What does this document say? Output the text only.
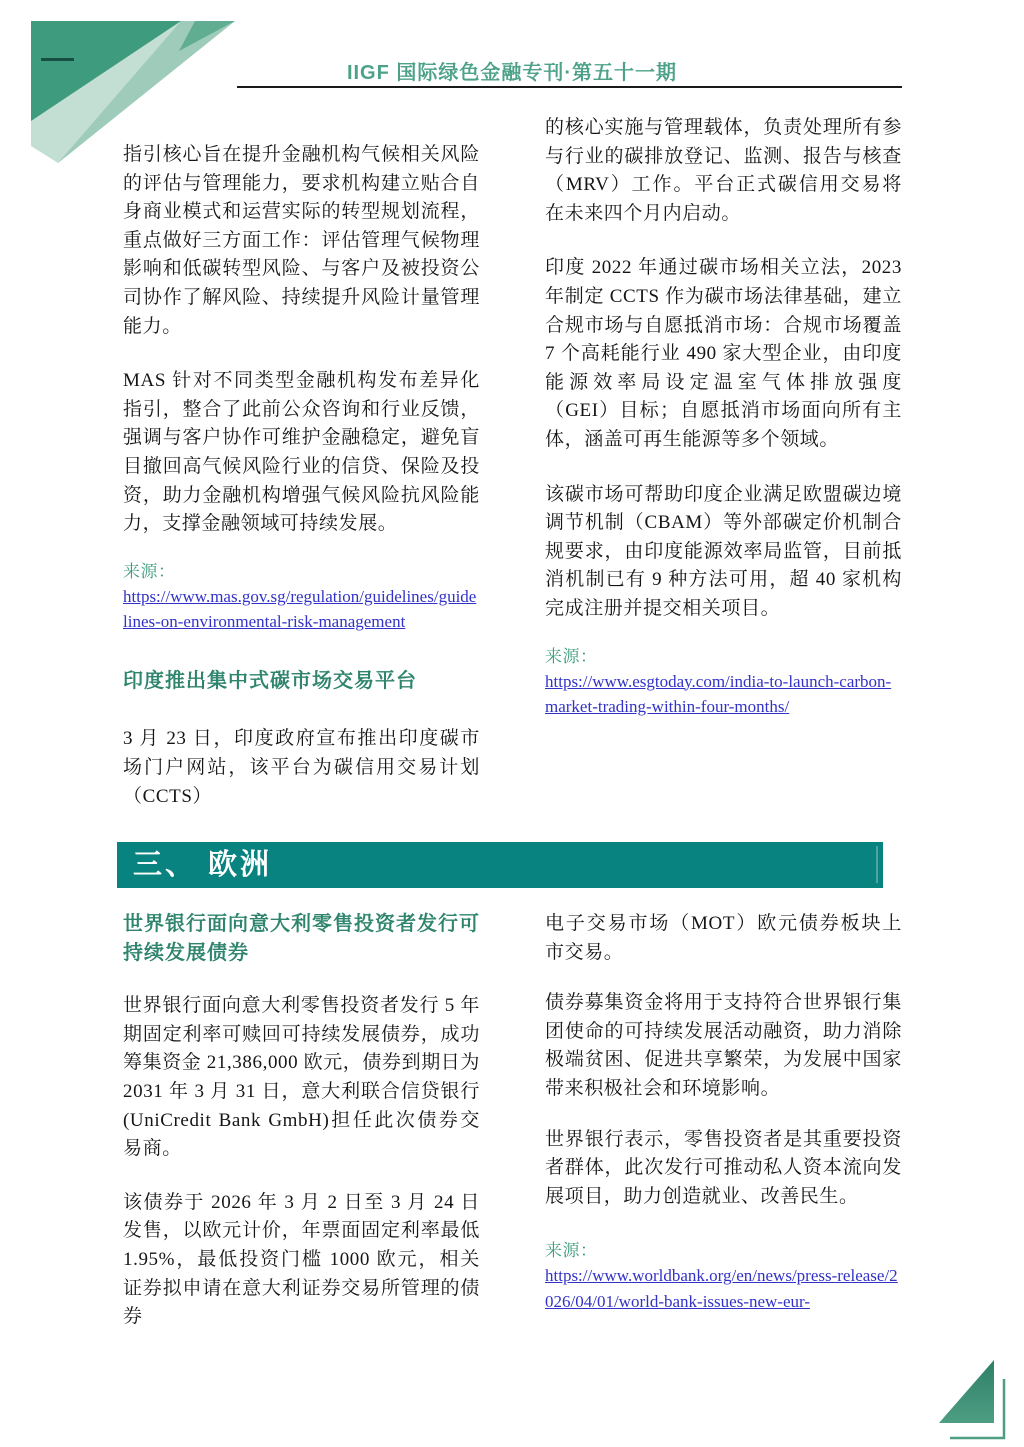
IIGF 国际绿色金融专刊·第五十一期

指引核心旨在提升金融机构气候相关风险的评估与管理能力，要求机构建立贴合自身商业模式和运营实际的转型规划流程，重点做好三方面工作：评估管理气候物理影响和低碳转型风险、与客户及被投资公司协作了解风险、持续提升风险计量管理能力。

MAS 针对不同类型金融机构发布差异化指引，整合了此前公众咨询和行业反馈，强调与客户协作可维护金融稳定，避免盲目撤回高气候风险行业的信贷、保险及投资，助力金融机构增强气候风险抗风险能力，支撑金融领域可持续发展。

来源：
https://www.mas.gov.sg/regulation/guidelines/guidelines-on-environmental-risk-management
印度推出集中式碳市场交易平台

3 月 23 日，印度政府宣布推出印度碳市场门户网站，该平台为碳信用交易计划（CCTS）

的核心实施与管理载体，负责处理所有参与行业的碳排放登记、监测、报告与核查（MRV）工作。平台正式碳信用交易将在未来四个月内启动。

印度 2022 年通过碳市场相关立法，2023 年制定 CCTS 作为碳市场法律基础，建立合规市场与自愿抵消市场：合规市场覆盖 7 个高耗能行业 490 家大型企业，由印度能源效率局设定温室气体排放强度（GEI）目标；自愿抵消市场面向所有主体，涵盖可再生能源等多个领域。

该碳市场可帮助印度企业满足欧盟碳边境调节机制（CBAM）等外部碳定价机制合规要求，由印度能源效率局监管，目前抵消机制已有 9 种方法可用，超 40 家机构完成注册并提交相关项目。

来源：
https://www.esgtoday.com/india-to-launch-carbon-market-trading-within-four-months/
三、 欧洲
世界银行面向意大利零售投资者发行可持续发展债券

世界银行面向意大利零售投资者发行 5 年期固定利率可赎回可持续发展债券，成功筹集资金 21,386,000 欧元，债券到期日为 2031 年 3 月 31 日，意大利联合信贷银行(UniCredit Bank GmbH)担任此次债券交易商。

该债券于 2026 年 3 月 2 日至 3 月 24 日发售，以欧元计价，年票面固定利率最低 1.95%，最低投资门槛 1000 欧元，相关证券拟申请在意大利证券交易所管理的债券

电子交易市场（MOT）欧元债券板块上市交易。

债券募集资金将用于支持符合世界银行集团使命的可持续发展活动融资，助力消除极端贫困、促进共享繁荣，为发展中国家带来积极社会和环境影响。

世界银行表示，零售投资者是其重要投资者群体，此次发行可推动私人资本流向发展项目，助力创造就业、改善民生。

来源：
https://www.worldbank.org/en/news/press-release/2026/04/01/world-bank-issues-new-eur-
